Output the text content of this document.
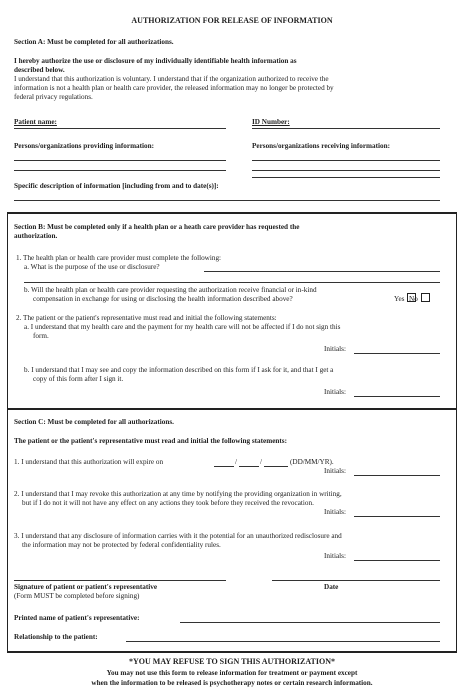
AUTHORIZATION FOR RELEASE OF INFORMATION
Section A: Must be completed for all authorizations.
I hereby authorize the use or disclosure of my individually identifiable health information as
described below.
I understand that this authorization is voluntary. I understand that if the organization authorized to receive the
information is not a health plan or health care provider, the released information may no longer be protected by
federal privacy regulations.
Patient name:	ID Number:
Persons/organizations providing information:	Persons/organizations receiving information:
Specific description of information [including from and to date(s)]:
Section B: Must be completed only if a health plan or a heath care provider has requested the
authorization.
1. The health plan or health care provider must complete the following:
a. What is the purpose of the use or disclosure?
b. Will the health plan or health care provider requesting the authorization receive financial or in-kind
compensation in exchange for using or disclosing the health information described above?	Yes No
2. The patient or the patient's representative must read and initial the following statements:
a. I understand that my health care and the payment for my health care will not be affected if I do not sign this
form.
Initials:
b. I understand that I may see and copy the information described on this form if I ask for it, and that I get a
copy of this form after I sign it.
Initials:
Section C: Must be completed for all authorizations.
The patient or the patient's representative must read and initial the following statements:
1. I understand that this authorization will expire on	/	/	(DD/MM/YR).
Initials:
2. I understand that I may revoke this authorization at any time by notifying the providing organization in writing,
but if I do not it will not have any effect on any actions they took before they received the revocation.
Initials:
3. I understand that any disclosure of information carries with it the potential for an unauthorized redisclosure and
the information may not be protected by federal confidentiality rules.
Initials:
Signature of patient or patient's representative
(Form MUST be completed before signing)
Date
Printed name of patient's representative:
Relationship to the patient:
*YOU MAY REFUSE TO SIGN THIS AUTHORIZATION*
You may not use this form to release information for treatment or payment except
when the information to be released is psychotherapy notes or certain research information.
